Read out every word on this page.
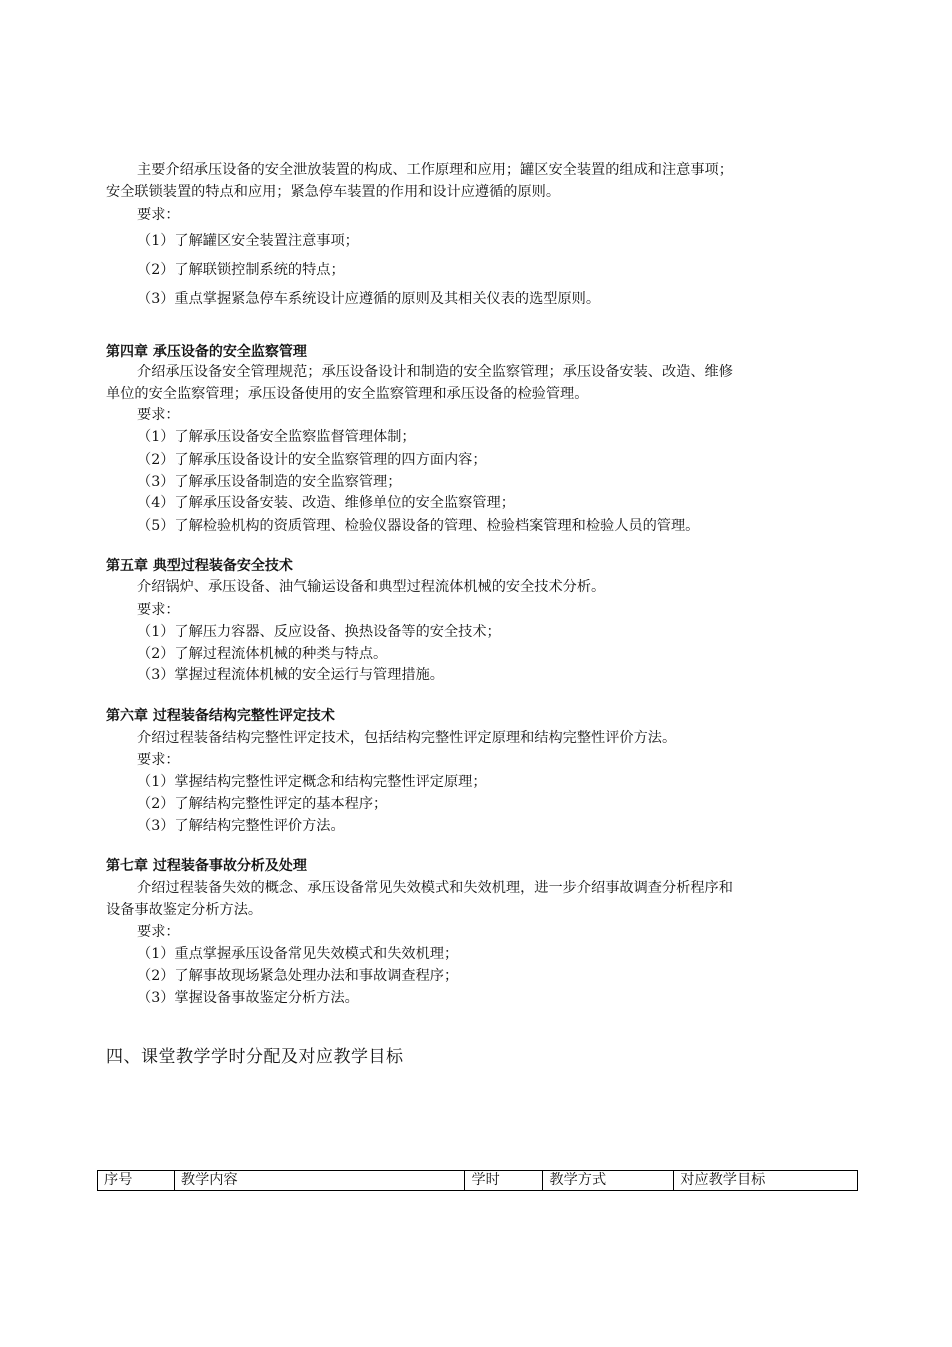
主要介绍承压设备的安全泄放装置的构成、工作原理和应用；罐区安全装置的组成和注意事项；
安全联锁装置的特点和应用；紧急停车装置的作用和设计应遵循的原则。
要求：
（1）了解罐区安全装置注意事项；
（2）了解联锁控制系统的特点；
（3）重点掌握紧急停车系统设计应遵循的原则及其相关仪表的选型原则。
第四章 承压设备的安全监察管理
介绍承压设备安全管理规范；承压设备设计和制造的安全监察管理；承压设备安装、改造、维修
单位的安全监察管理；承压设备使用的安全监察管理和承压设备的检验管理。
要求：
（1）了解承压设备安全监察监督管理体制；
（2）了解承压设备设计的安全监察管理的四方面内容；
（3）了解承压设备制造的安全监察管理；
（4）了解承压设备安装、改造、维修单位的安全监察管理；
（5）了解检验机构的资质管理、检验仪器设备的管理、检验档案管理和检验人员的管理。
第五章 典型过程装备安全技术
介绍锅炉、承压设备、油气输运设备和典型过程流体机械的安全技术分析。
要求：
（1）了解压力容器、反应设备、换热设备等的安全技术；
（2）了解过程流体机械的种类与特点。
（3）掌握过程流体机械的安全运行与管理措施。
第六章 过程装备结构完整性评定技术
介绍过程装备结构完整性评定技术，包括结构完整性评定原理和结构完整性评价方法。
要求：
（1）掌握结构完整性评定概念和结构完整性评定原理；
（2）了解结构完整性评定的基本程序；
（3）了解结构完整性评价方法。
第七章 过程装备事故分析及处理
介绍过程装备失效的概念、承压设备常见失效模式和失效机理，进一步介绍事故调查分析程序和
设备事故鉴定分析方法。
要求：
（1）重点掌握承压设备常见失效模式和失效机理；
（2）了解事故现场紧急处理办法和事故调查程序；
（3）掌握设备事故鉴定分析方法。
四、课堂教学学时分配及对应教学目标
序号	教学内容	学时	教学方式	对应教学目标
